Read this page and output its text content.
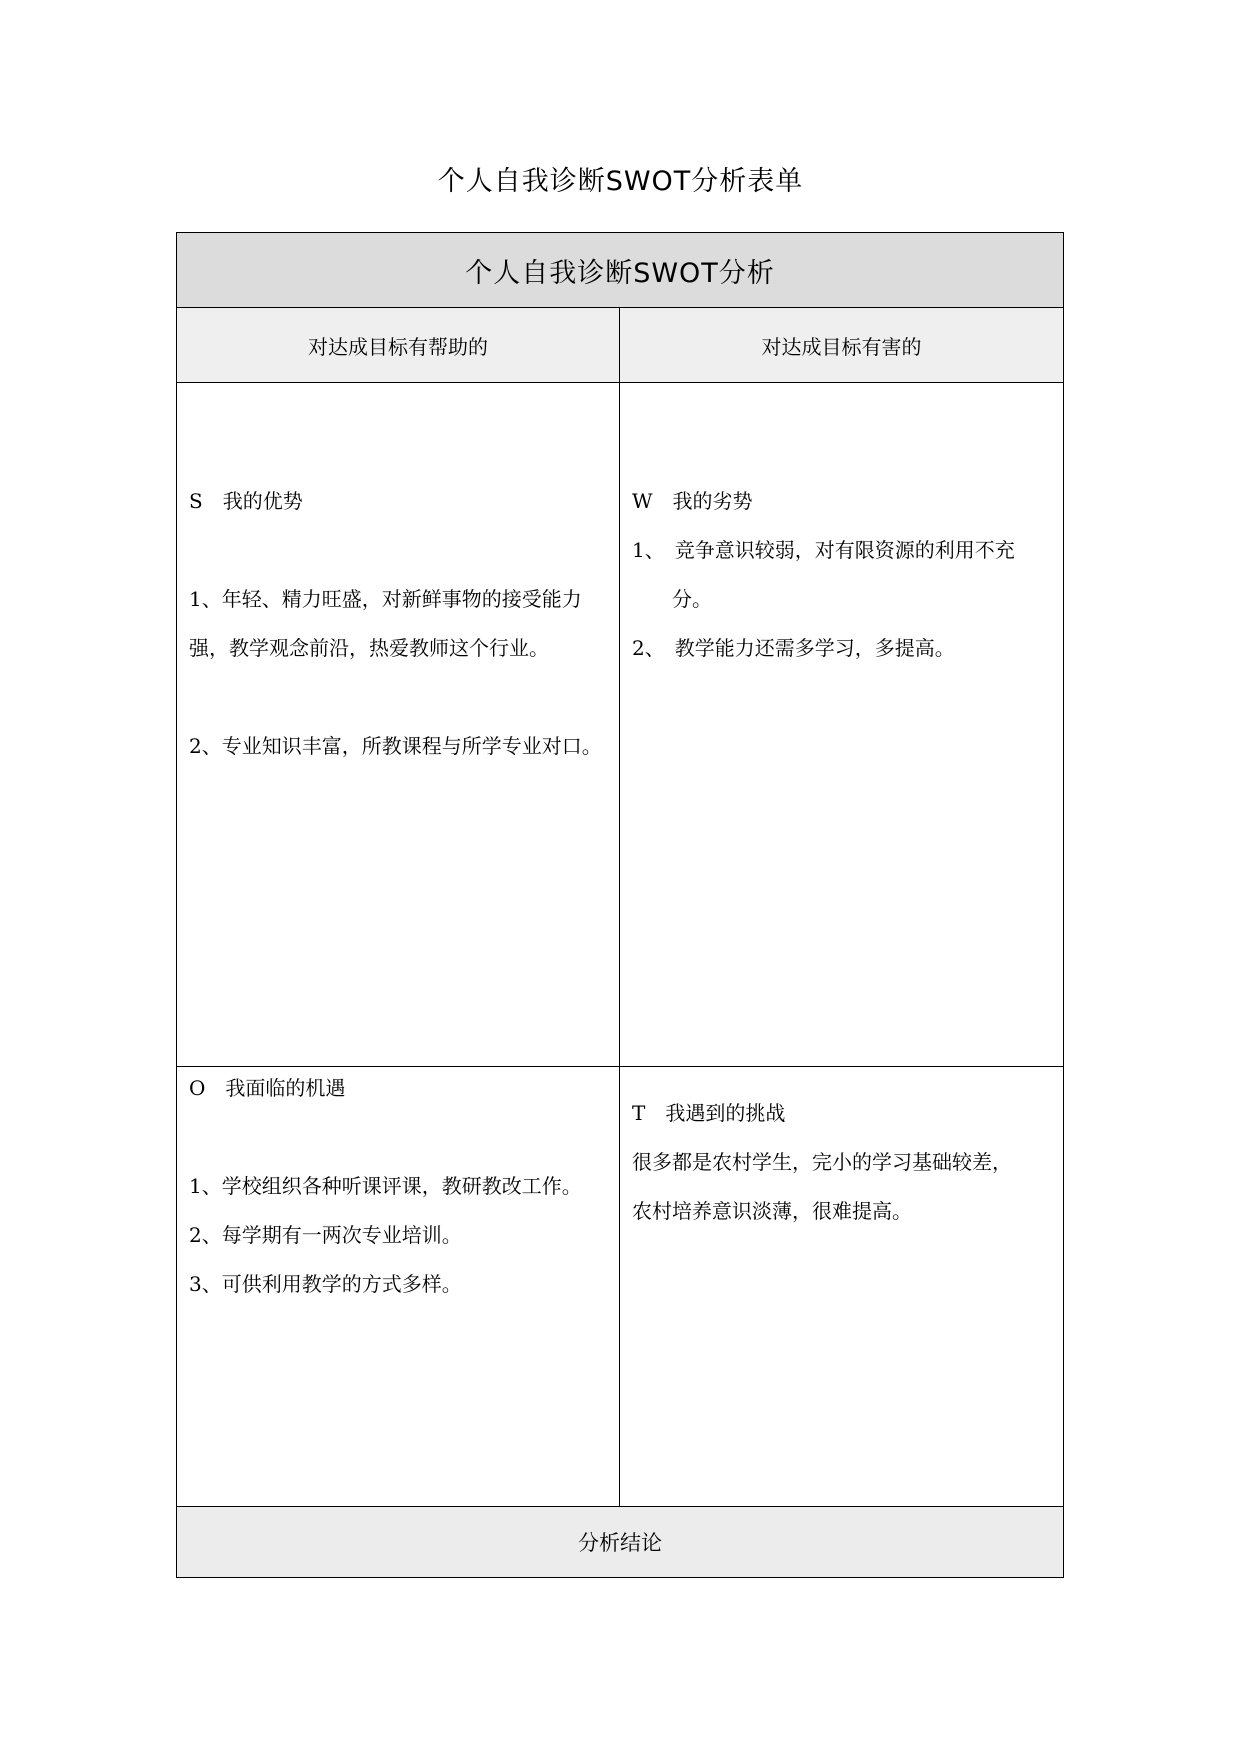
个人自我诊断SWOT分析表单
个人自我诊断SWOT分析
对达成目标有帮助的	对达成目标有害的
S　我的优势
1、年轻、精力旺盛，对新鲜事物的接受能力
强，教学观念前沿，热爱教师这个行业。
2、专业知识丰富，所教课程与所学专业对口。
W　我的劣势
1、　竞争意识较弱，对有限资源的利用不充
　　分。
2、　教学能力还需多学习，多提高。
O　我面临的机遇
1、学校组织各种听课评课，教研教改工作。
2、每学期有一两次专业培训。
3、可供利用教学的方式多样。
T　我遇到的挑战
很多都是农村学生，完小的学习基础较差，
农村培养意识淡薄，很难提高。
分析结论
